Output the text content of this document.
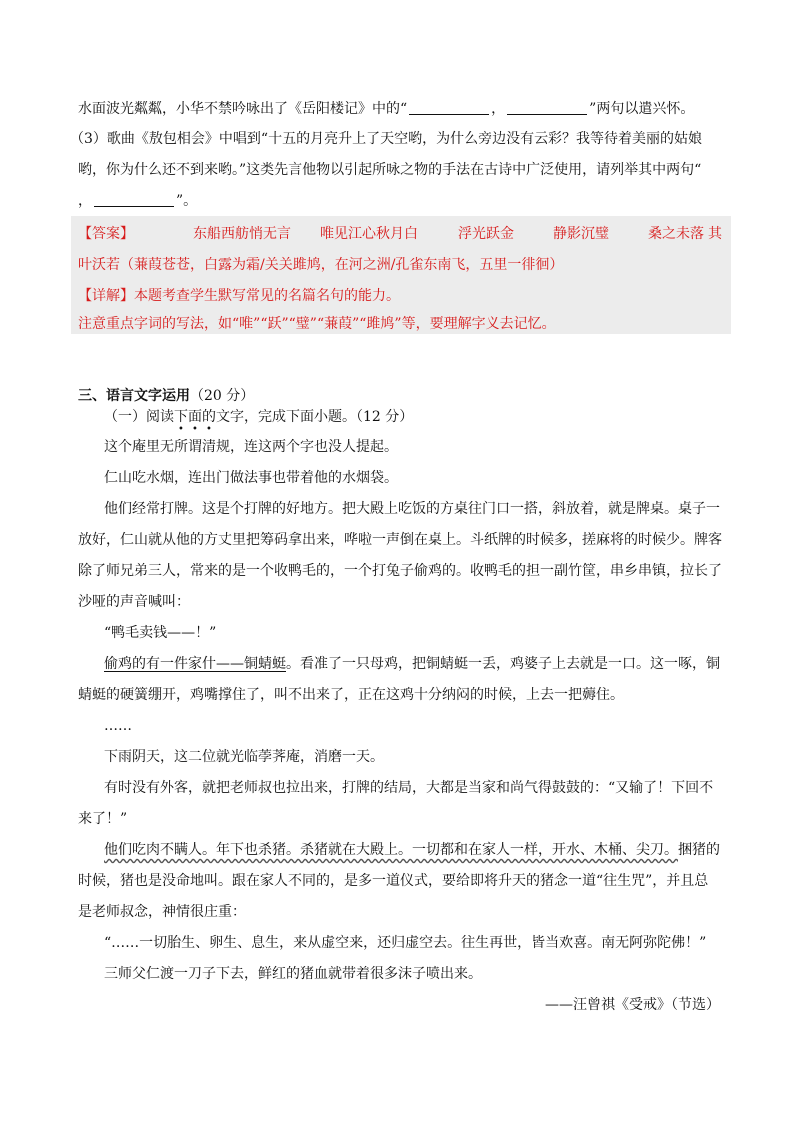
水面波光粼粼，小华不禁吟咏出了《岳阳楼记》中的“	，	”两句以遣兴怀。
（3）歌曲《敖包相会》中唱到“十五的月亮升上了天空哟，为什么旁边没有云彩？我等待着美丽的姑娘
哟，你为什么还不到来哟。”这类先言他物以引起所咏之物的手法在古诗中广泛使用，请列举其中两句“
，	”。
【答案】	东船西舫悄无言 唯见江心秋月白	浮光跃金	静影沉璧	桑之未落 其
叶沃若（蒹葭苍苍，白露为霜/关关雎鸠，在河之洲/孔雀东南飞，五里一徘徊）
【详解】本题考查学生默写常见的名篇名句的能力。
注意重点字词的写法，如“唯”“跃”“璧”“蒹葭”“雎鸠”等，要理解字义去记忆。
三、语言文字运用（20 分）
（一）阅读下面的文字，完成下面小题。（12 分）
这个庵里无所谓清规，连这两个字也没人提起。
仁山吃水烟，连出门做法事也带着他的水烟袋。
他们经常打牌。这是个打牌的好地方。把大殿上吃饭的方桌往门口一搭，斜放着，就是牌桌。桌子一
放好，仁山就从他的方丈里把筹码拿出来，哗啦一声倒在桌上。斗纸牌的时候多，搓麻将的时候少。牌客
除了师兄弟三人，常来的是一个收鸭毛的，一个打兔子偷鸡的。收鸭毛的担一副竹筐，串乡串镇，拉长了
沙哑的声音喊叫：
“鸭毛卖钱——！”
偷鸡的有一件家什——铜蜻蜓。看准了一只母鸡，把铜蜻蜓一丢，鸡婆子上去就是一口。这一啄，铜
蜻蜓的硬簧绷开，鸡嘴撑住了，叫不出来了，正在这鸡十分纳闷的时候，上去一把薅住。
……
下雨阴天，这二位就光临荸荠庵，消磨一天。
有时没有外客，就把老师叔也拉出来，打牌的结局，大都是当家和尚气得鼓鼓的：“又输了！下回不
来了！”
他们吃肉不瞒人。年下也杀猪。杀猪就在大殿上。一切都和在家人一样，开水、木桶、尖刀。捆猪的
时候，猪也是没命地叫。跟在家人不同的，是多一道仪式，要给即将升天的猪念一道“往生咒”，并且总
是老师叔念，神情很庄重：
“……一切胎生、卵生、息生，来从虚空来，还归虚空去。往生再世，皆当欢喜。南无阿弥陀佛！”
三师父仁渡一刀子下去，鲜红的猪血就带着很多沫子喷出来。
——汪曾祺《受戒》（节选）
